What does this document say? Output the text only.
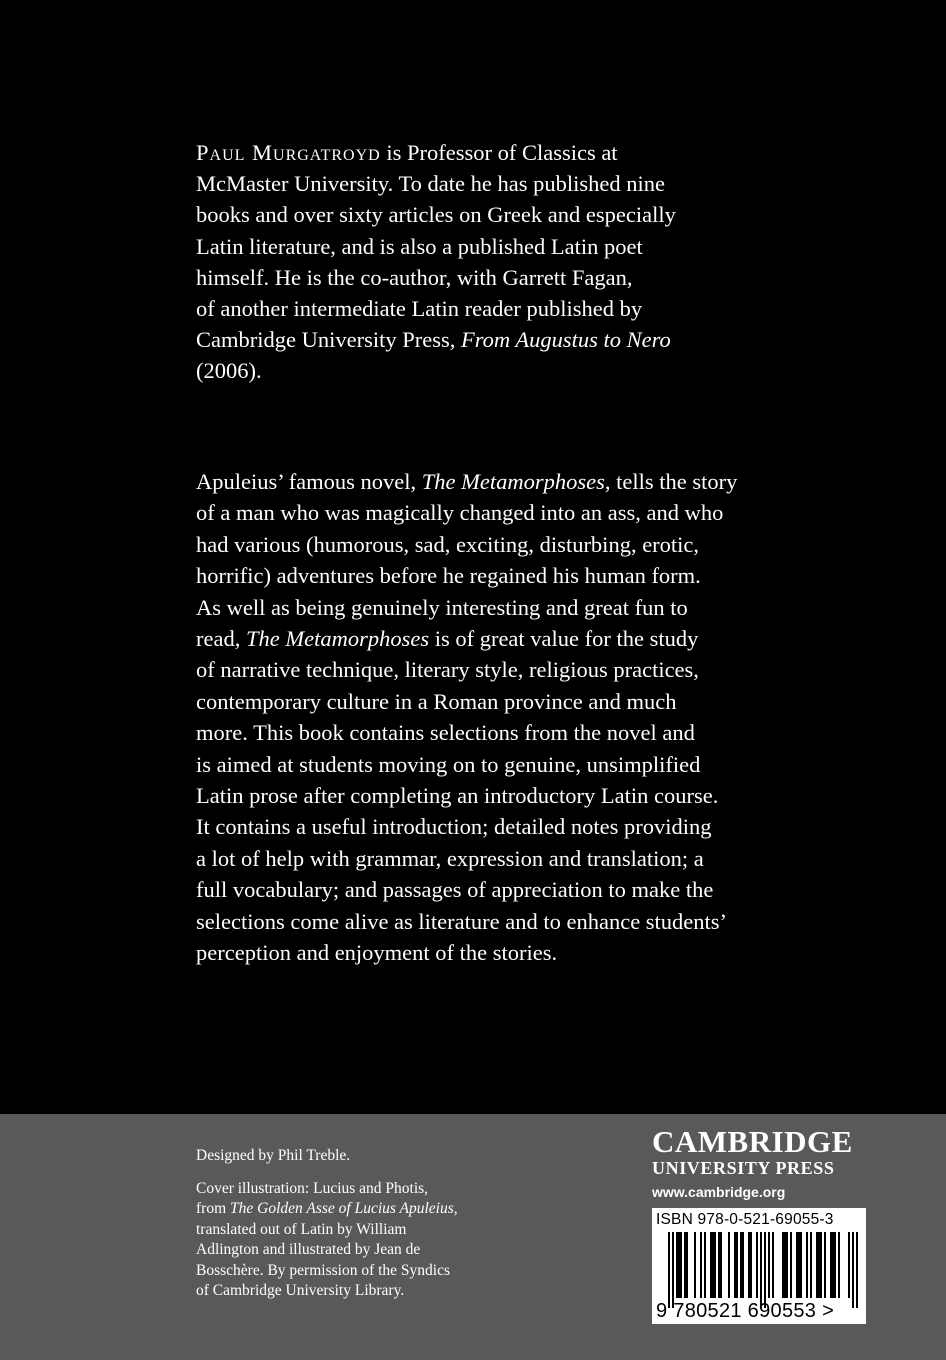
Paul Murgatroyd is Professor of Classics at
McMaster University. To date he has published nine
books and over sixty articles on Greek and especially
Latin literature, and is also a published Latin poet
himself. He is the co-author, with Garrett Fagan,
of another intermediate Latin reader published by
Cambridge University Press, From Augustus to Nero
(2006).
Apuleius’ famous novel, The Metamorphoses, tells the story
of a man who was magically changed into an ass, and who
had various (humorous, sad, exciting, disturbing, erotic,
horrific) adventures before he regained his human form.
As well as being genuinely interesting and great fun to
read, The Metamorphoses is of great value for the study
of narrative technique, literary style, religious practices,
contemporary culture in a Roman province and much
more. This book contains selections from the novel and
is aimed at students moving on to genuine, unsimplified
Latin prose after completing an introductory Latin course.
It contains a useful introduction; detailed notes providing
a lot of help with grammar, expression and translation; a
full vocabulary; and passages of appreciation to make the
selections come alive as literature and to enhance students’
perception and enjoyment of the stories.
Designed by Phil Treble.
Cover illustration: Lucius and Photis,
from The Golden Asse of Lucius Apuleius,
translated out of Latin by William
Adlington and illustrated by Jean de
Bosschère. By permission of the Syndics
of Cambridge University Library.
CAMBRIDGE
UNIVERSITY PRESS
www.cambridge.org
ISBN 978-0-521-69055-3
9 780521 690553 >
